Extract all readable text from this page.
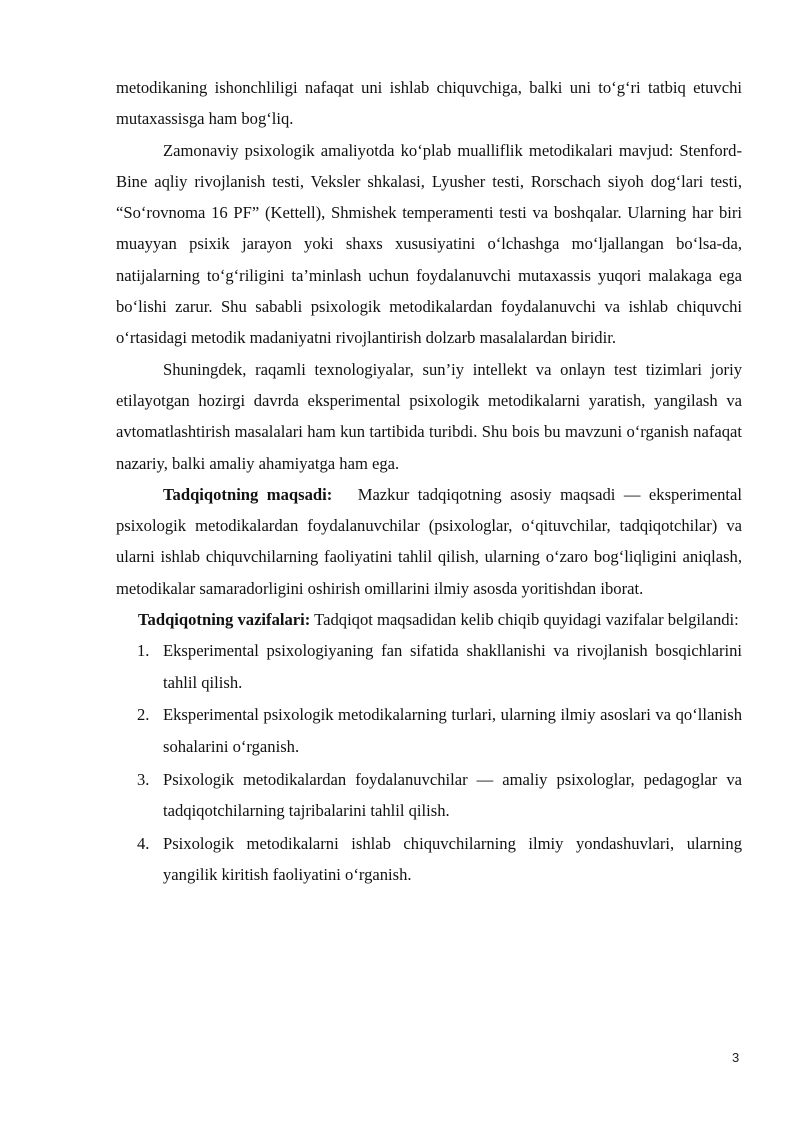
metodikaning ishonchliligi nafaqat uni ishlab chiquvchiga, balki uni to‘g‘ri tatbiq etuvchi mutaxassisga ham bog‘liq.

Zamonaviy psixologik amaliyotda ko‘plab mualliflik metodikalari mavjud: Stenford-Bine aqliy rivojlanish testi, Veksler shkalasi, Lyusher testi, Rorschach siyoh dog‘lari testi, “So‘rovnoma 16 PF” (Kettell), Shmishek temperamenti testi va boshqalar. Ularning har biri muayyan psixik jarayon yoki shaxs xususiyatini o‘lchashga mo‘ljallangan bo‘lsa-da, natijalarning to‘g‘riligini ta’minlash uchun foydalanuvchi mutaxassis yuqori malakaga ega bo‘lishi zarur. Shu sababli psixologik metodikalardan foydalanuvchi va ishlab chiquvchi o‘rtasidagi metodik madaniyatni rivojlantirish dolzarb masalalardan biridir.

Shuningdek, raqamli texnologiyalar, sun’iy intellekt va onlayn test tizimlari joriy etilayotgan hozirgi davrda eksperimental psixologik metodikalarni yaratish, yangilash va avtomatlashtirish masalalari ham kun tartibida turibdi. Shu bois bu mavzuni o‘rganish nafaqat nazariy, balki amaliy ahamiyatga ham ega.

Tadqiqotning maqsadi: Mazkur tadqiqotning asosiy maqsadi — eksperimental psixologik metodikalardan foydalanuvchilar (psixologlar, o‘qituvchilar, tadqiqotchilar) va ularni ishlab chiquvchilarning faoliyatini tahlil qilish, ularning o‘zaro bog‘liqligini aniqlash, metodikalar samaradorligini oshirish omillarini ilmiy asosda yoritishdan iborat.

Tadqiqotning vazifalari: Tadqiqot maqsadidan kelib chiqib quyidagi vazifalar belgilandi:

1. Eksperimental psixologiyaning fan sifatida shakllanishi va rivojlanish bosqichlarini tahlil qilish.
2. Eksperimental psixologik metodikalarning turlari, ularning ilmiy asoslari va qo‘llanish sohalarini o‘rganish.
3. Psixologik metodikalardan foydalanuvchilar — amaliy psixologlar, pedagoglar va tadqiqotchilarning tajribalarini tahlil qilish.
4. Psixologik metodikalarni ishlab chiquvchilarning ilmiy yondashuvlari, ularning yangilik kiritish faoliyatini o‘rganish.
3
